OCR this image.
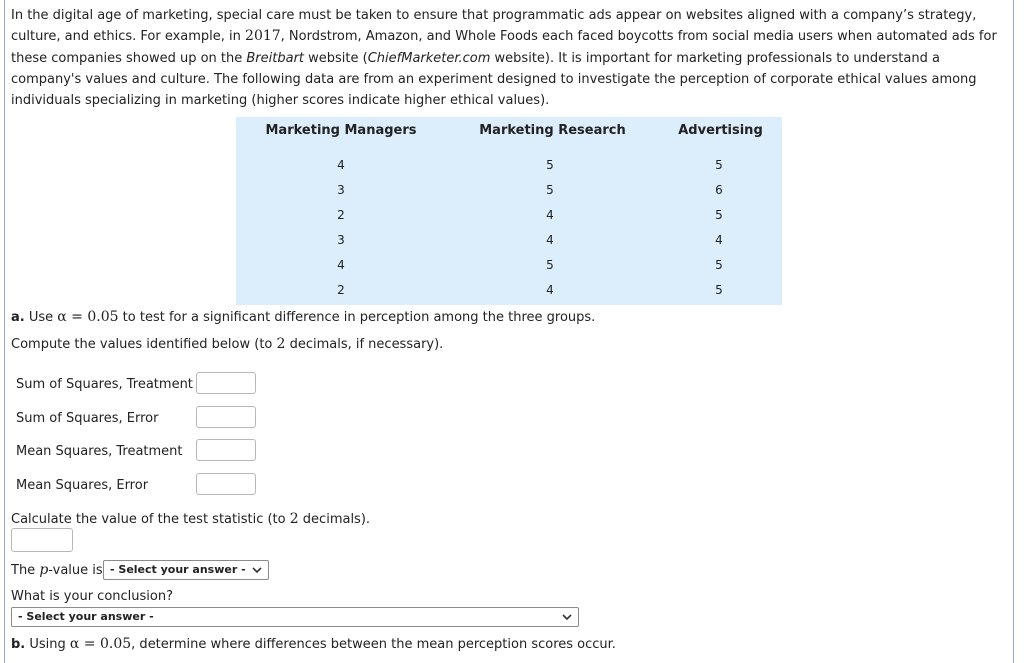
In the digital age of marketing, special care must be taken to ensure that programmatic ads appear on websites aligned with a company’s strategy, culture, and ethics. For example, in 2017, Nordstrom, Amazon, and Whole Foods each faced boycotts from social media users when automated ads for these companies showed up on the Breitbart website (ChiefMarketer.com website). It is important for marketing professionals to understand a company's values and culture. The following data are from an experiment designed to investigate the perception of corporate ethical values among individuals specializing in marketing (higher scores indicate higher ethical values).

Marketing Managers
4
3
2
3
4
2
Marketing Research
5
5
4
4
5
4
Advertising
5
6
5
4
5
5

a. Use α = 0.05 to test for a significant difference in perception among the three groups.

Compute the values identified below (to 2 decimals, if necessary).

Sum of Squares, Treatment
Sum of Squares, Error
Mean Squares, Treatment
Mean Squares, Error

Calculate the value of the test statistic (to 2 decimals).

The p-value is - Select your answer -

What is your conclusion?

- Select your answer -

b. Using α = 0.05, determine where differences between the mean perception scores occur.
